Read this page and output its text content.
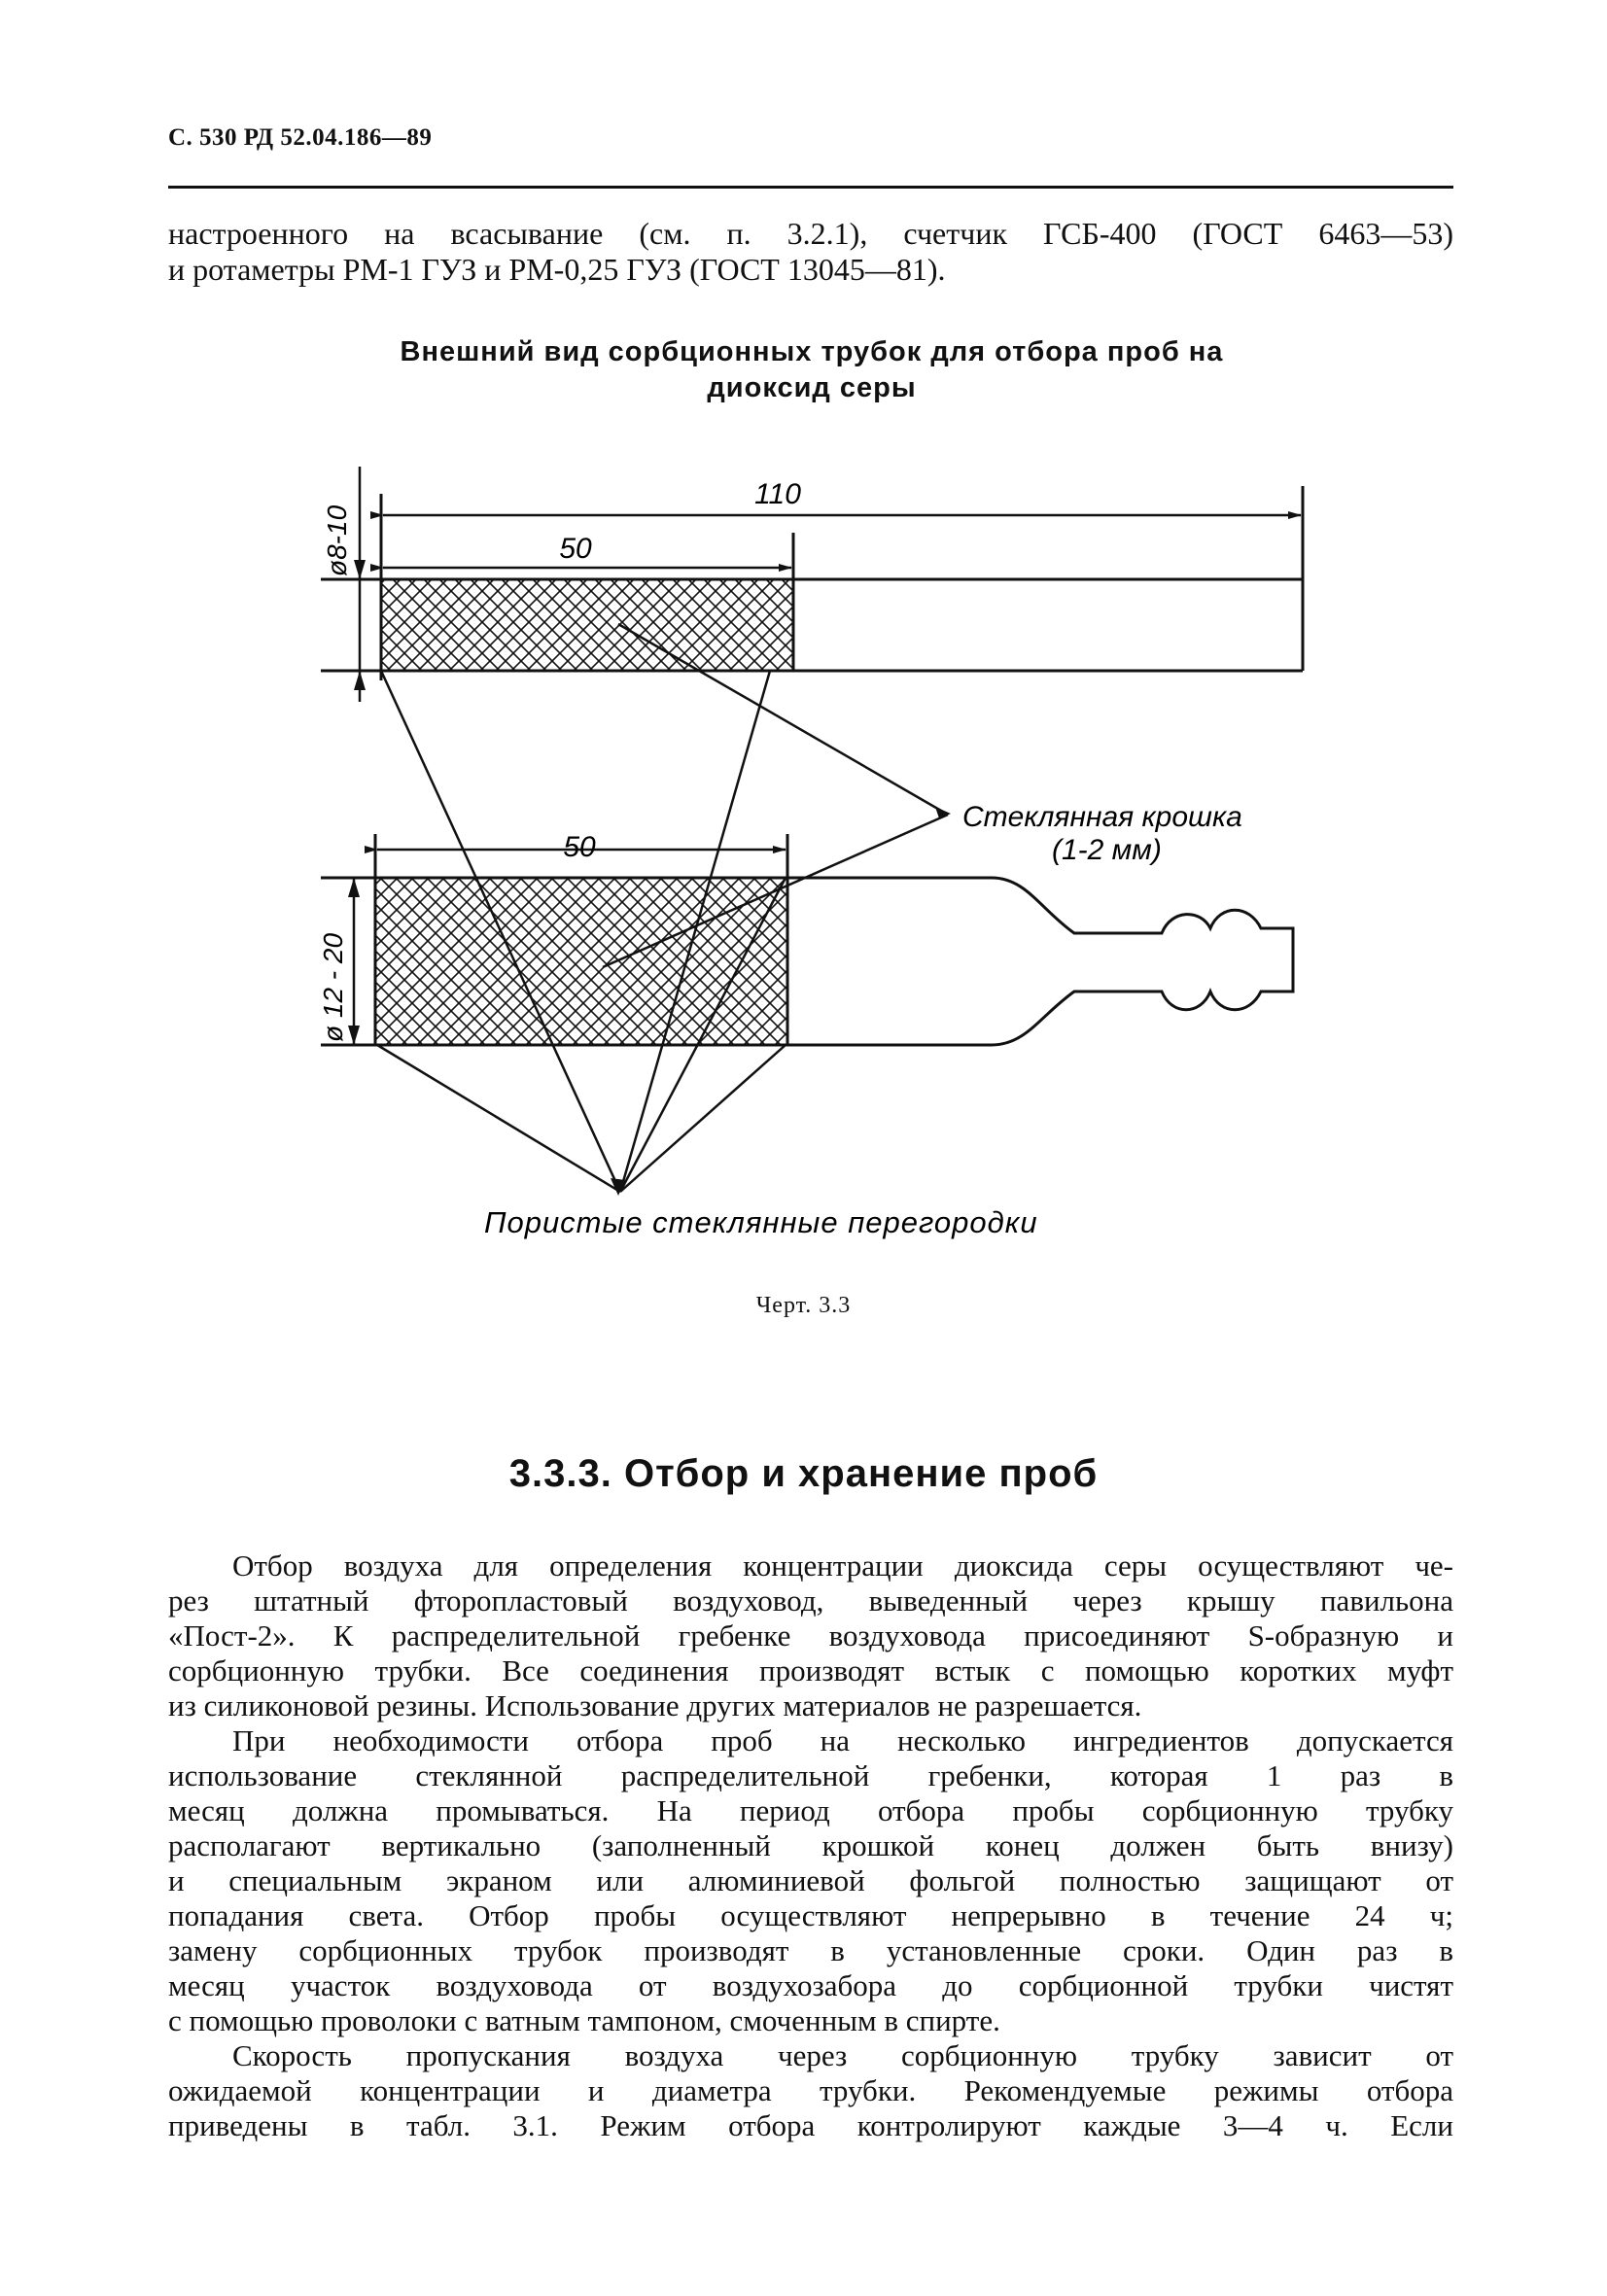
С. 530 РД 52.04.186—89
настроенного на всасывание (см. п. 3.2.1), счетчик ГСБ-400 (ГОСТ 6463—53)
и ротаметры РМ-1 ГУЗ и РМ-0,25 ГУЗ (ГОСТ 13045—81).
Внешний вид сорбционных трубок для отбора проб на
диоксид серы
110
50
50
ø8-10
ø 12 - 20
Стеклянная крошка
(1-2 мм)
Пористые стеклянные перегородки
Черт. 3.3
3.3.3. Отбор и хранение проб
Отбор воздуха для определения концентрации диоксида серы осуществляют че-
рез штатный фторопластовый воздуховод, выведенный через крышу павильона
«Пост-2». К распределительной гребенке воздуховода присоединяют S-образную и
сорбционную трубки. Все соединения производят встык с помощью коротких муфт
из силиконовой резины. Использование других материалов не разрешается.
При необходимости отбора проб на несколько ингредиентов допускается
использование стеклянной распределительной гребенки, которая 1 раз в
месяц должна промываться. На период отбора пробы сорбционную трубку
располагают вертикально (заполненный крошкой конец должен быть внизу)
и специальным экраном или алюминиевой фольгой полностью защищают от
попадания света. Отбор пробы осуществляют непрерывно в течение 24 ч;
замену сорбционных трубок производят в установленные сроки. Один раз в
месяц участок воздуховода от воздухозабора до сорбционной трубки чистят
с помощью проволоки с ватным тампоном, смоченным в спирте.
Скорость пропускания воздуха через сорбционную трубку зависит от
ожидаемой концентрации и диаметра трубки. Рекомендуемые режимы отбора
приведены в табл. 3.1. Режим отбора контролируют каждые 3—4 ч. Если
